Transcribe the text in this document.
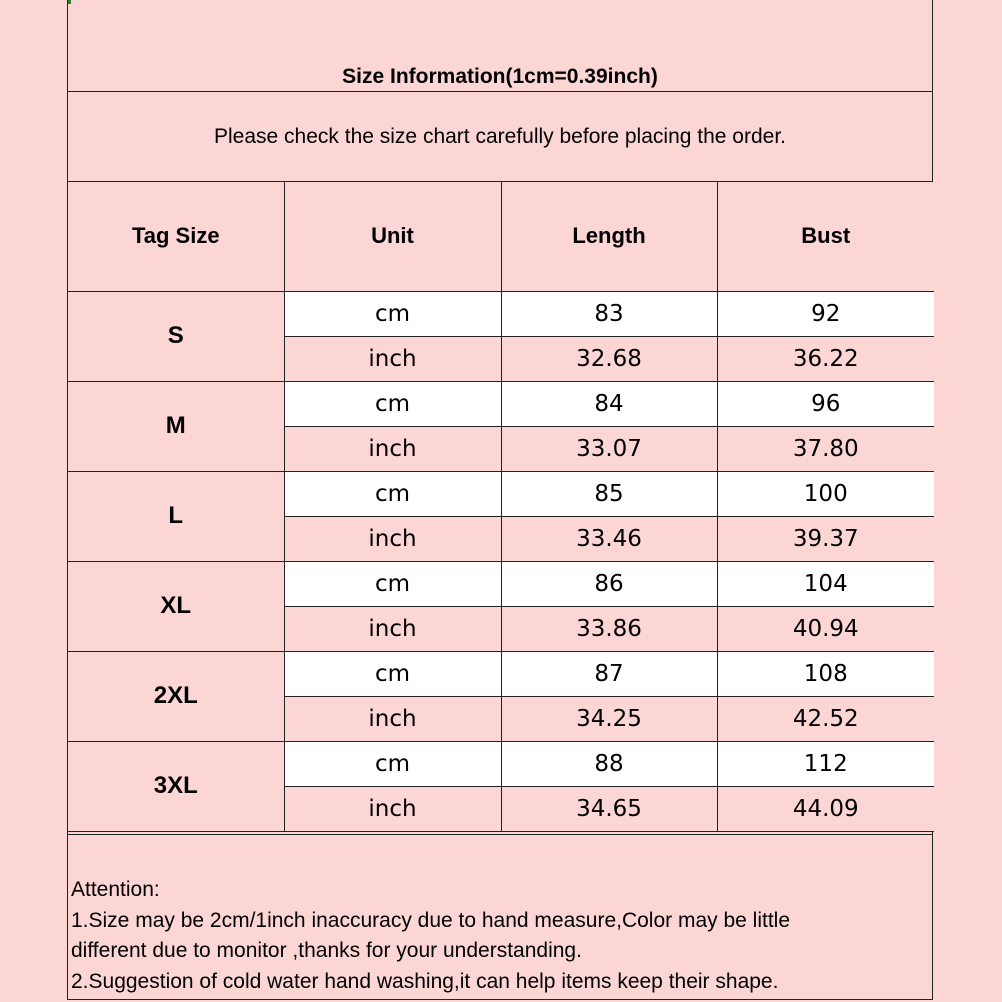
Size Information(1cm=0.39inch)
Please check the size chart carefully before placing the order.
Tag Size	Unit	Length	Bust
S	cm	83	92
	inch	32.68	36.22
M	cm	84	96
	inch	33.07	37.80
L	cm	85	100
	inch	33.46	39.37
XL	cm	86	104
	inch	33.86	40.94
2XL	cm	87	108
	inch	34.25	42.52
3XL	cm	88	112
	inch	34.65	44.09
Attention:
1.Size may be 2cm/1inch inaccuracy due to hand measure,Color may be little
different due to monitor ,thanks for your understanding.
2.Suggestion of cold water hand washing,it can help items keep their shape.
